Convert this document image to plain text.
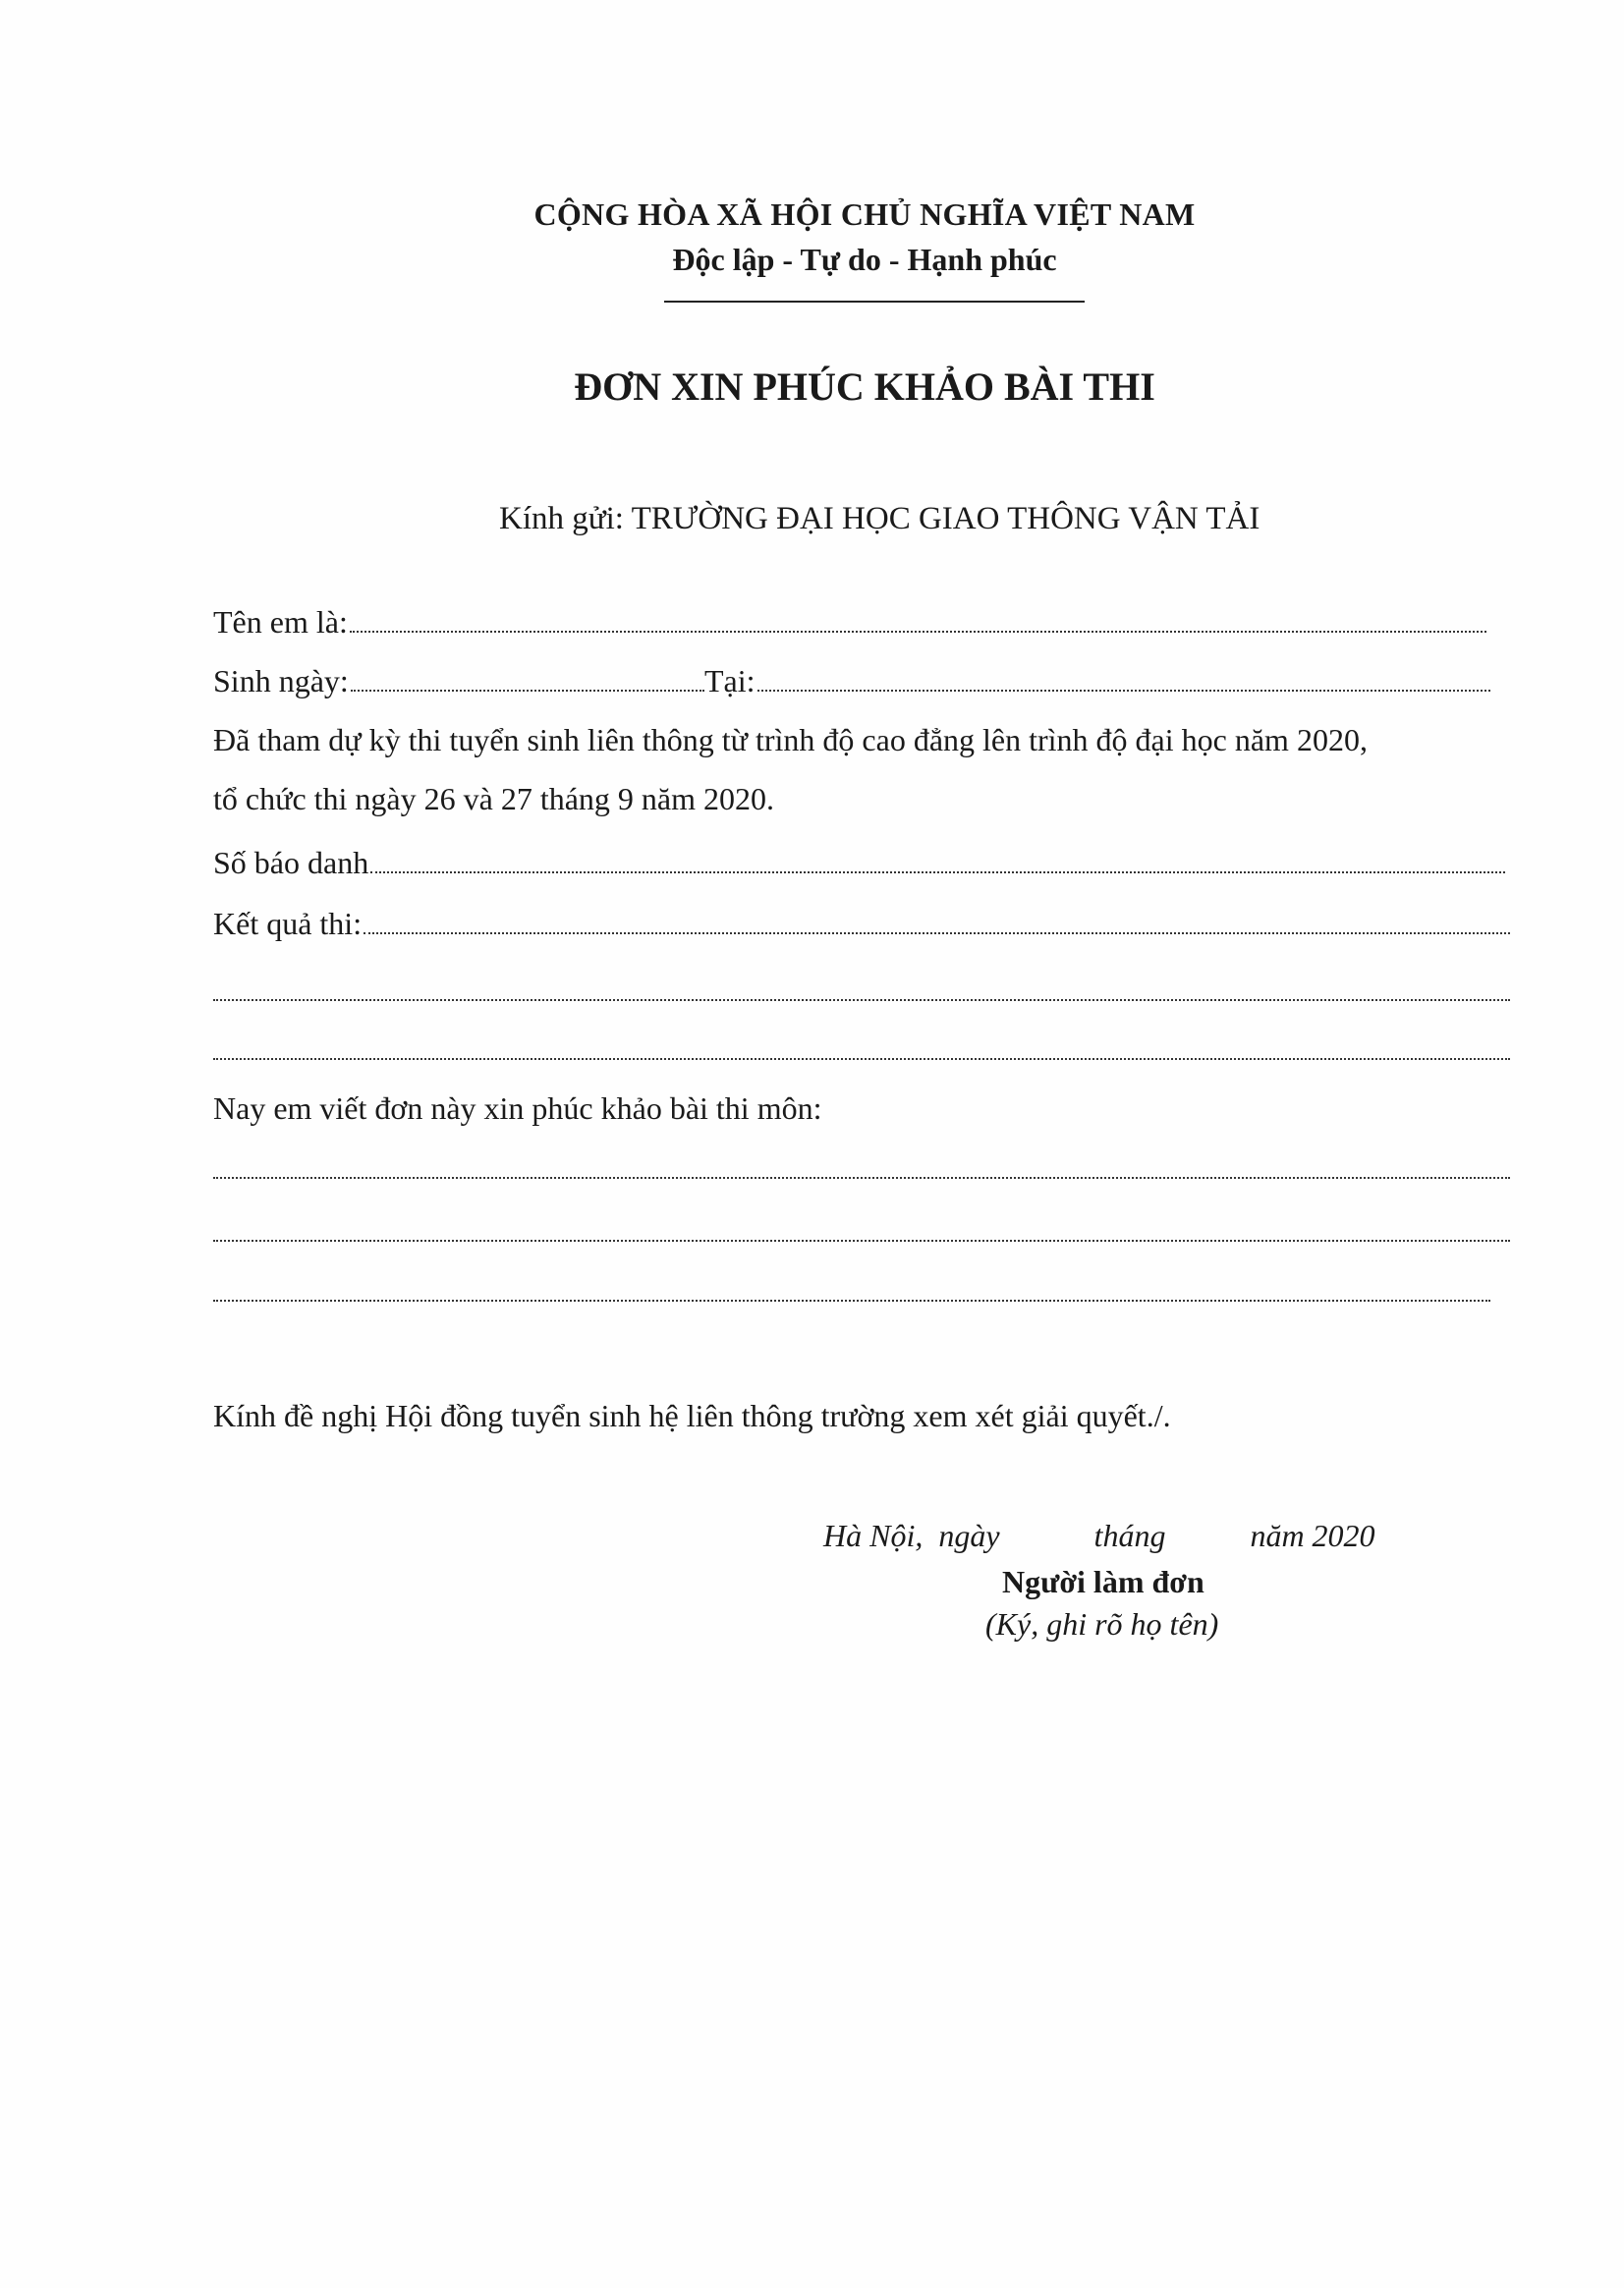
CỘNG HÒA XÃ HỘI CHỦ NGHĨA VIỆT NAM
Độc lập - Tự do - Hạnh phúc
ĐƠN XIN PHÚC KHẢO BÀI THI
Kính gửi: TRƯỜNG ĐẠI HỌC GIAO THÔNG VẬN TẢI
Tên em là:
Sinh ngày:	Tại:
Đã tham dự kỳ thi tuyển sinh liên thông từ trình độ cao đẳng lên trình độ đại học năm 2020,
tổ chức thi ngày 26 và 27 tháng 9 năm 2020.
Số báo danh
Kết quả thi:
Nay em viết đơn này xin phúc khảo bài thi môn:
Kính đề nghị Hội đồng tuyển sinh hệ liên thông trường xem xét giải quyết./.
Hà Nội, ngày	tháng	năm 2020
Người làm đơn
(Ký, ghi rõ họ tên)
